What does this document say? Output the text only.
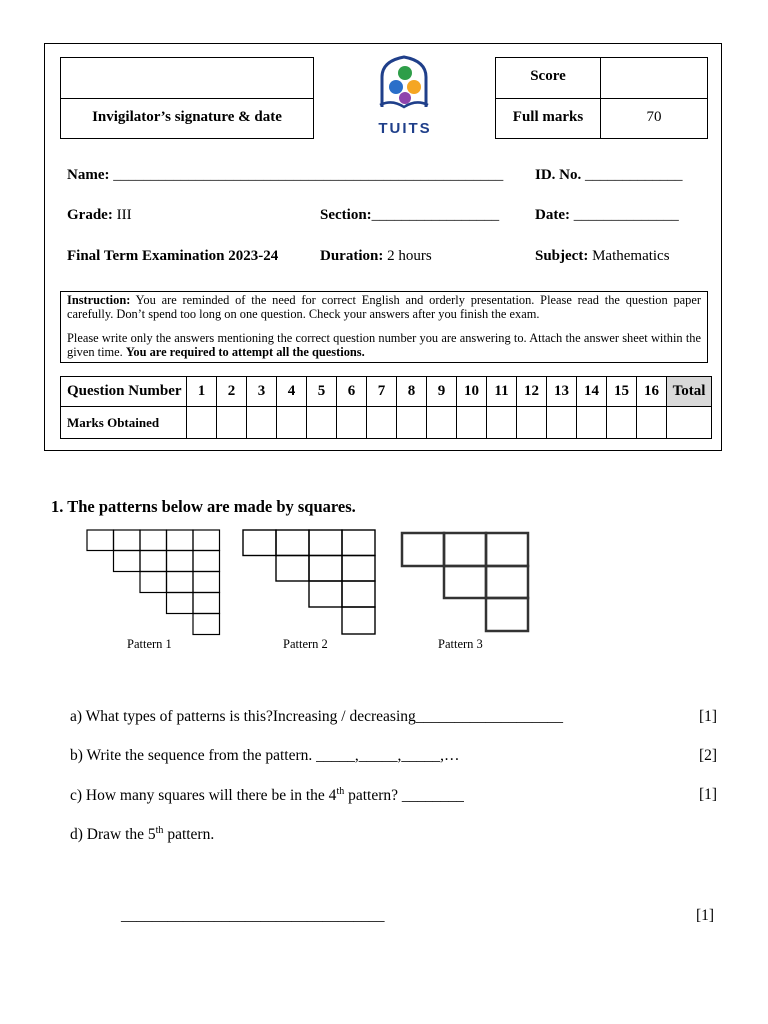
Invigilator’s signature & date
TUITS
Score
Full marks	70
Name: ____________________________________________________ ID. No. _____________
Grade: III	Section:_________________ Date: ______________
Final Term Examination 2023-24	Duration: 2 hours	Subject: Mathematics

Instruction: You are reminded of the need for correct English and orderly presentation. Please read the question paper carefully. Don’t spend too long on one question. Check your answers after you finish the exam.

Please write only the answers mentioning the correct question number you are answering to. Attach the answer sheet within the given time. You are required to attempt all the questions.

Question Number	1	2	3	4	5	6	7	8	9	10	11	12	13	14	15	16	Total
Marks Obtained																	
1. The patterns below are made by squares.
Pattern 1	Pattern 2	Pattern 3
a) What types of patterns is this?Increasing / decreasing___________________	[1]
b) Write the sequence from the pattern. _____,_____,_____,…	[2]
c) How many squares will there be in the 4th pattern? ________	[1]
d) Draw the 5th pattern.
__________________________________	[1]
